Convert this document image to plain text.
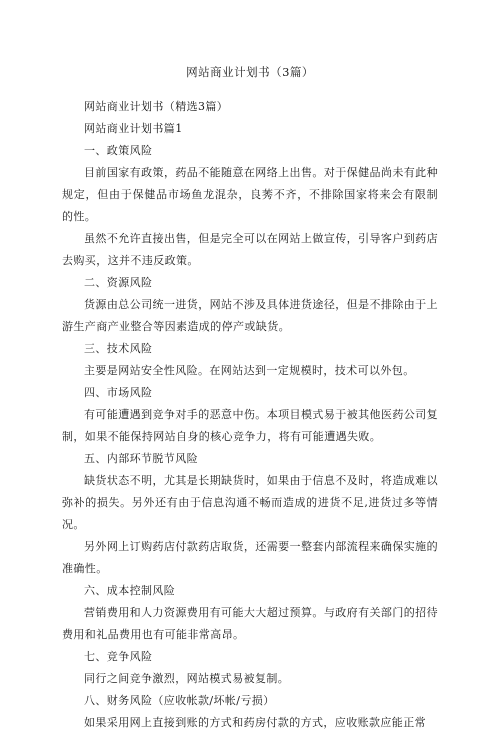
网站商业计划书（3篇）

网站商业计划书（精选3篇）

网站商业计划书篇1

一、政策风险

目前国家有政策，药品不能随意在网络上出售。对于保健品尚未有此种规定，但由于保健品市场鱼龙混杂，良莠不齐，不排除国家将来会有限制的性。

虽然不允许直接出售，但是完全可以在网站上做宣传，引导客户到药店去购买，这并不违反政策。

二、资源风险

货源由总公司统一进货，网站不涉及具体进货途径，但是不排除由于上游生产商产业整合等因素造成的停产或缺货。

三、技术风险

主要是网站安全性风险。在网站达到一定规模时，技术可以外包。

四、市场风险

有可能遭遇到竞争对手的恶意中伤。本项目模式易于被其他医药公司复制，如果不能保持网站自身的核心竞争力，将有可能遭遇失败。

五、内部环节脱节风险

缺货状态不明，尤其是长期缺货时，如果由于信息不及时，将造成难以弥补的损失。另外还有由于信息沟通不畅而造成的进货不足,进货过多等情况。

另外网上订购药店付款药店取货，还需要一整套内部流程来确保实施的准确性。

六、成本控制风险

营销费用和人力资源费用有可能大大超过预算。与政府有关部门的招待费用和礼品费用也有可能非常高昂。

七、竞争风险

同行之间竞争激烈，网站模式易被复制。

八、财务风险（应收帐款/坏帐/亏损）

如果采用网上直接到账的方式和药房付款的方式，应收账款应能正常
